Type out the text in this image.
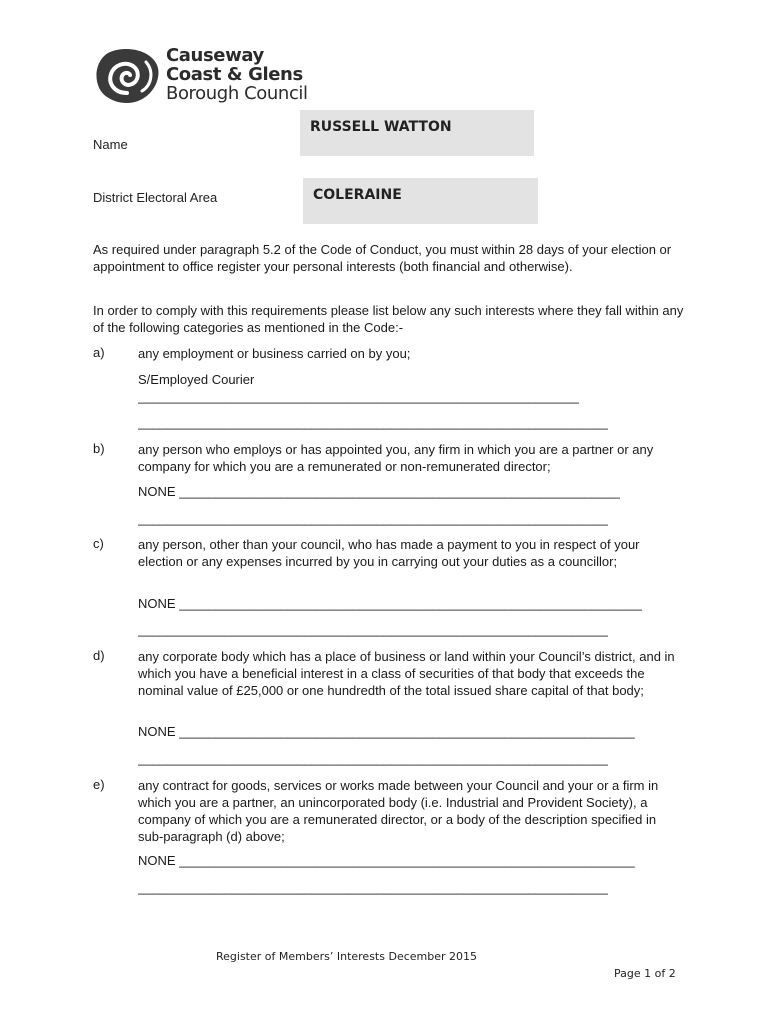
Causeway
Coast & Glens
Borough Council
Name
RUSSELL WATTON
District Electoral Area	COLERAINE
As required under paragraph 5.2 of the Code of Conduct, you must within 28 days of your election or appointment to office register your personal interests (both financial and otherwise).
In order to comply with this requirements please list below any such interests where they fall within any of the following categories as mentioned in the Code:-
a)	any employment or business carried on by you;
S/Employed Courier
_____________________________________________________________
_________________________________________________________________
b)	any person who employs or has appointed you, any firm in which you are a partner or any company for which you are a remunerated or non-remunerated director;
NONE _____________________________________________________________
_________________________________________________________________
c)	any person, other than your council, who has made a payment to you in respect of your election or any expenses incurred by you in carrying out your duties as a councillor;
NONE ________________________________________________________________
_________________________________________________________________
d)	any corporate body which has a place of business or land within your Council’s district, and in which you have a beneficial interest in a class of securities of that body that exceeds the nominal value of £25,000 or one hundredth of the total issued share capital of that body;
NONE _______________________________________________________________
_________________________________________________________________
e)	any contract for goods, services or works made between your Council and your or a firm in which you are a partner, an unincorporated body (i.e. Industrial and Provident Society), a company of which you are a remunerated director, or a body of the description specified in sub-paragraph (d) above;
NONE _______________________________________________________________
_________________________________________________________________
Register of Members’ Interests December 2015
Page 1 of 2
